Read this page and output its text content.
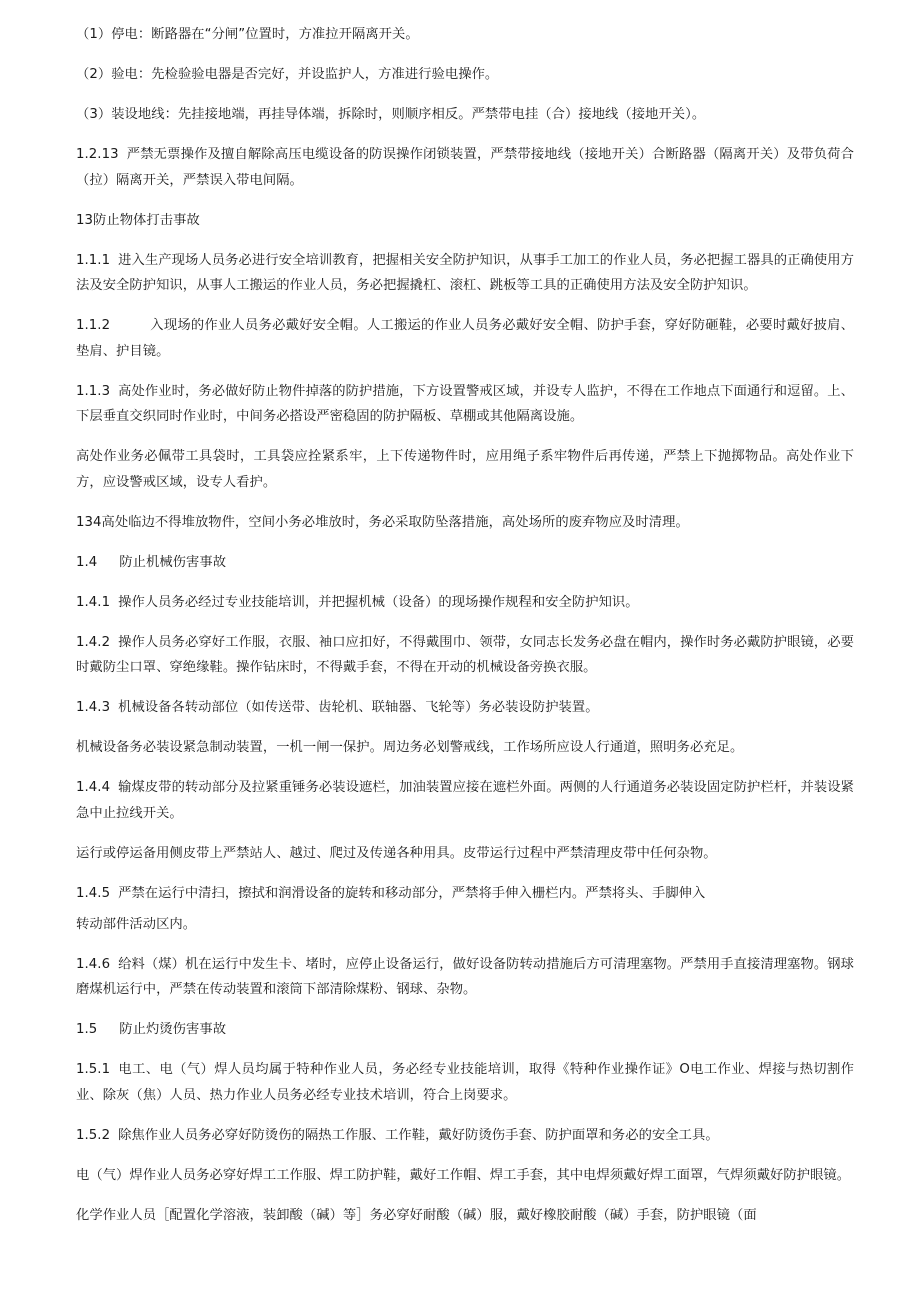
（1）停电：断路器在“分闸”位置时，方准拉开隔离开关。

（2）验电：先检验验电器是否完好，并设监护人，方准进行验电操作。

（3）装设地线：先挂接地端，再挂导体端，拆除时，则顺序相反。严禁带电挂（合）接地线（接地开关）。

1.2.13 严禁无票操作及擅自解除高压电缆设备的防误操作闭锁装置，严禁带接地线（接地开关）合断路器（隔离开关）及带负荷合（拉）隔离开关，严禁误入带电间隔。

13防止物体打击事故

1.1.1 进入生产现场人员务必进行安全培训教育，把握相关安全防护知识，从事手工加工的作业人员，务必把握工器具的正确使用方法及安全防护知识，从事人工搬运的作业人员，务必把握撬杠、滚杠、跳板等工具的正确使用方法及安全防护知识。

1.1.2	入现场的作业人员务必戴好安全帽。人工搬运的作业人员务必戴好安全帽、防护手套，穿好防砸鞋，必要时戴好披肩、垫肩、护目镜。

1.1.3 高处作业时，务必做好防止物件掉落的防护措施，下方设置警戒区域，并设专人监护，不得在工作地点下面通行和逗留。上、下层垂直交织同时作业时，中间务必搭设严密稳固的防护隔板、草棚或其他隔离设施。

高处作业务必佩带工具袋时，工具袋应拴紧系牢，上下传递物件时，应用绳子系牢物件后再传递，严禁上下抛掷物品。高处作业下方，应设警戒区域，设专人看护。

134高处临边不得堆放物件，空间小务必堆放时，务必采取防坠落措施，高处场所的废弃物应及时清理。

1.4 防止机械伤害事故

1.4.1 操作人员务必经过专业技能培训，并把握机械（设备）的现场操作规程和安全防护知识。

1.4.2 操作人员务必穿好工作服，衣服、袖口应扣好，不得戴围巾、领带，女同志长发务必盘在帽内，操作时务必戴防护眼镜，必要时戴防尘口罩、穿绝缘鞋。操作钻床时，不得戴手套，不得在开动的机械设备旁换衣服。

1.4.3 机械设备各转动部位（如传送带、齿轮机、联轴器、飞轮等）务必装设防护装置。

机械设备务必装设紧急制动装置，一机一闸一保护。周边务必划警戒线，工作场所应设人行通道，照明务必充足。

1.4.4 输煤皮带的转动部分及拉紧重锤务必装设遮栏，加油装置应接在遮栏外面。两侧的人行通道务必装设固定防护栏杆，并装设紧急中止拉线开关。

运行或停运备用侧皮带上严禁站人、越过、爬过及传递各种用具。皮带运行过程中严禁清理皮带中任何杂物。

1.4.5 严禁在运行中清扫，擦拭和润滑设备的旋转和移动部分，严禁将手伸入栅栏内。严禁将头、手脚伸入

转动部件活动区内。

1.4.6 给料（煤）机在运行中发生卡、堵时，应停止设备运行，做好设备防转动措施后方可清理塞物。严禁用手直接清理塞物。钢球磨煤机运行中，严禁在传动装置和滚筒下部清除煤粉、钢球、杂物。

1.5 防止灼烫伤害事故

1.5.1 电工、电（气）焊人员均属于特种作业人员，务必经专业技能培训，取得《特种作业操作证》O电工作业、焊接与热切割作业、除灰（焦）人员、热力作业人员务必经专业技术培训，符合上岗要求。

1.5.2 除焦作业人员务必穿好防烫伤的隔热工作服、工作鞋，戴好防烫伤手套、防护面罩和务必的安全工具。

电（气）焊作业人员务必穿好焊工工作服、焊工防护鞋，戴好工作帽、焊工手套，其中电焊须戴好焊工面罩，气焊须戴好防护眼镜。

化学作业人员［配置化学溶液，装卸酸（碱）等］务必穿好耐酸（碱）服，戴好橡胶耐酸（碱）手套，防护眼镜（面
